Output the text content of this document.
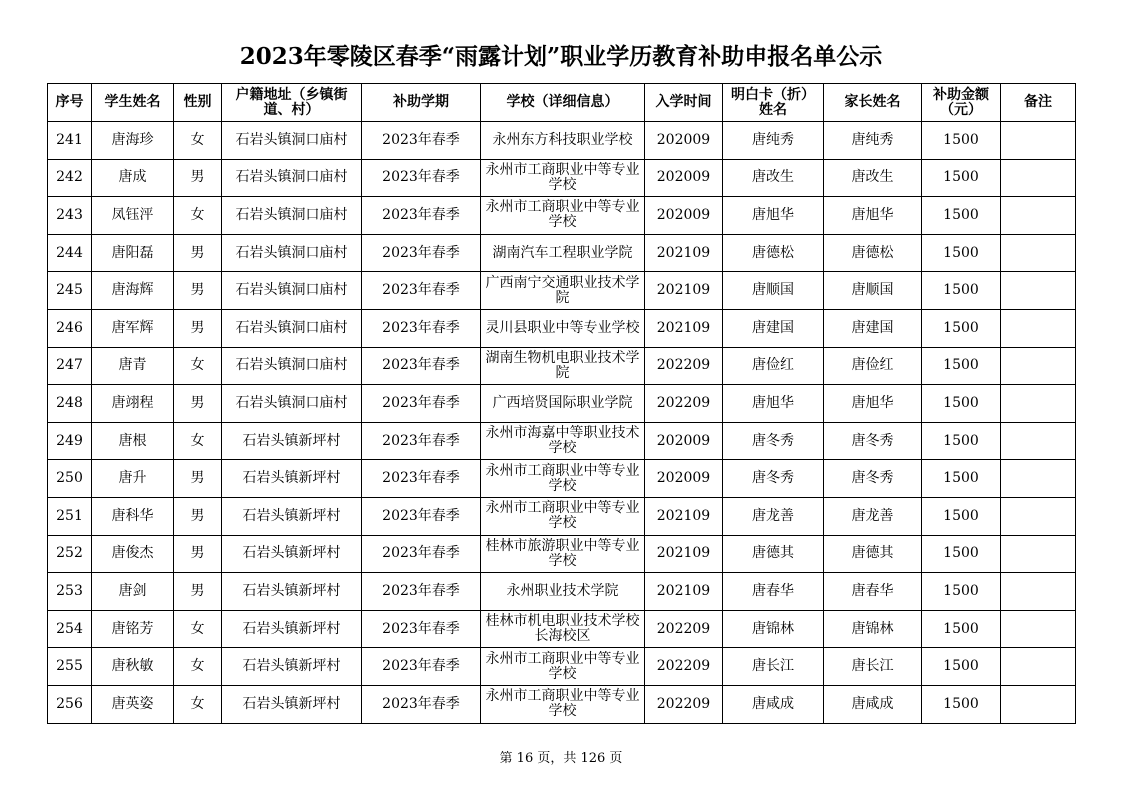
2023年零陵区春季“雨露计划”职业学历教育补助申报名单公示
序号	学生姓名	性别	户籍地址（乡镇街道、村）	补助学期	学校（详细信息）	入学时间	明白卡（折）姓名	家长姓名	补助金额（元）	备注
241	唐海珍	女	石岩头镇洞口庙村	2023年春季	永州东方科技职业学校	202009	唐纯秀	唐纯秀	1500	
242	唐成	男	石岩头镇洞口庙村	2023年春季	永州市工商职业中等专业学校	202009	唐改生	唐改生	1500	
243	凤钰泙	女	石岩头镇洞口庙村	2023年春季	永州市工商职业中等专业学校	202009	唐旭华	唐旭华	1500	
244	唐阳磊	男	石岩头镇洞口庙村	2023年春季	湖南汽车工程职业学院	202109	唐德松	唐德松	1500	
245	唐海辉	男	石岩头镇洞口庙村	2023年春季	广西南宁交通职业技术学院	202109	唐顺国	唐顺国	1500	
246	唐军辉	男	石岩头镇洞口庙村	2023年春季	灵川县职业中等专业学校	202109	唐建国	唐建国	1500	
247	唐青	女	石岩头镇洞口庙村	2023年春季	湖南生物机电职业技术学院	202209	唐俭红	唐俭红	1500	
248	唐翊程	男	石岩头镇洞口庙村	2023年春季	广西培贤国际职业学院	202209	唐旭华	唐旭华	1500	
249	唐根	女	石岩头镇新坪村	2023年春季	永州市海嘉中等职业技术学校	202009	唐冬秀	唐冬秀	1500	
250	唐升	男	石岩头镇新坪村	2023年春季	永州市工商职业中等专业学校	202009	唐冬秀	唐冬秀	1500	
251	唐科华	男	石岩头镇新坪村	2023年春季	永州市工商职业中等专业学校	202109	唐龙善	唐龙善	1500	
252	唐俊杰	男	石岩头镇新坪村	2023年春季	桂林市旅游职业中等专业学校	202109	唐德其	唐德其	1500	
253	唐剑	男	石岩头镇新坪村	2023年春季	永州职业技术学院	202109	唐春华	唐春华	1500	
254	唐铭芳	女	石岩头镇新坪村	2023年春季	桂林市机电职业技术学校长海校区	202209	唐锦林	唐锦林	1500	
255	唐秋敏	女	石岩头镇新坪村	2023年春季	永州市工商职业中等专业学校	202209	唐长江	唐长江	1500	
256	唐英姿	女	石岩头镇新坪村	2023年春季	永州市工商职业中等专业学校	202209	唐咸成	唐咸成	1500	
第 16 页，共 126 页
